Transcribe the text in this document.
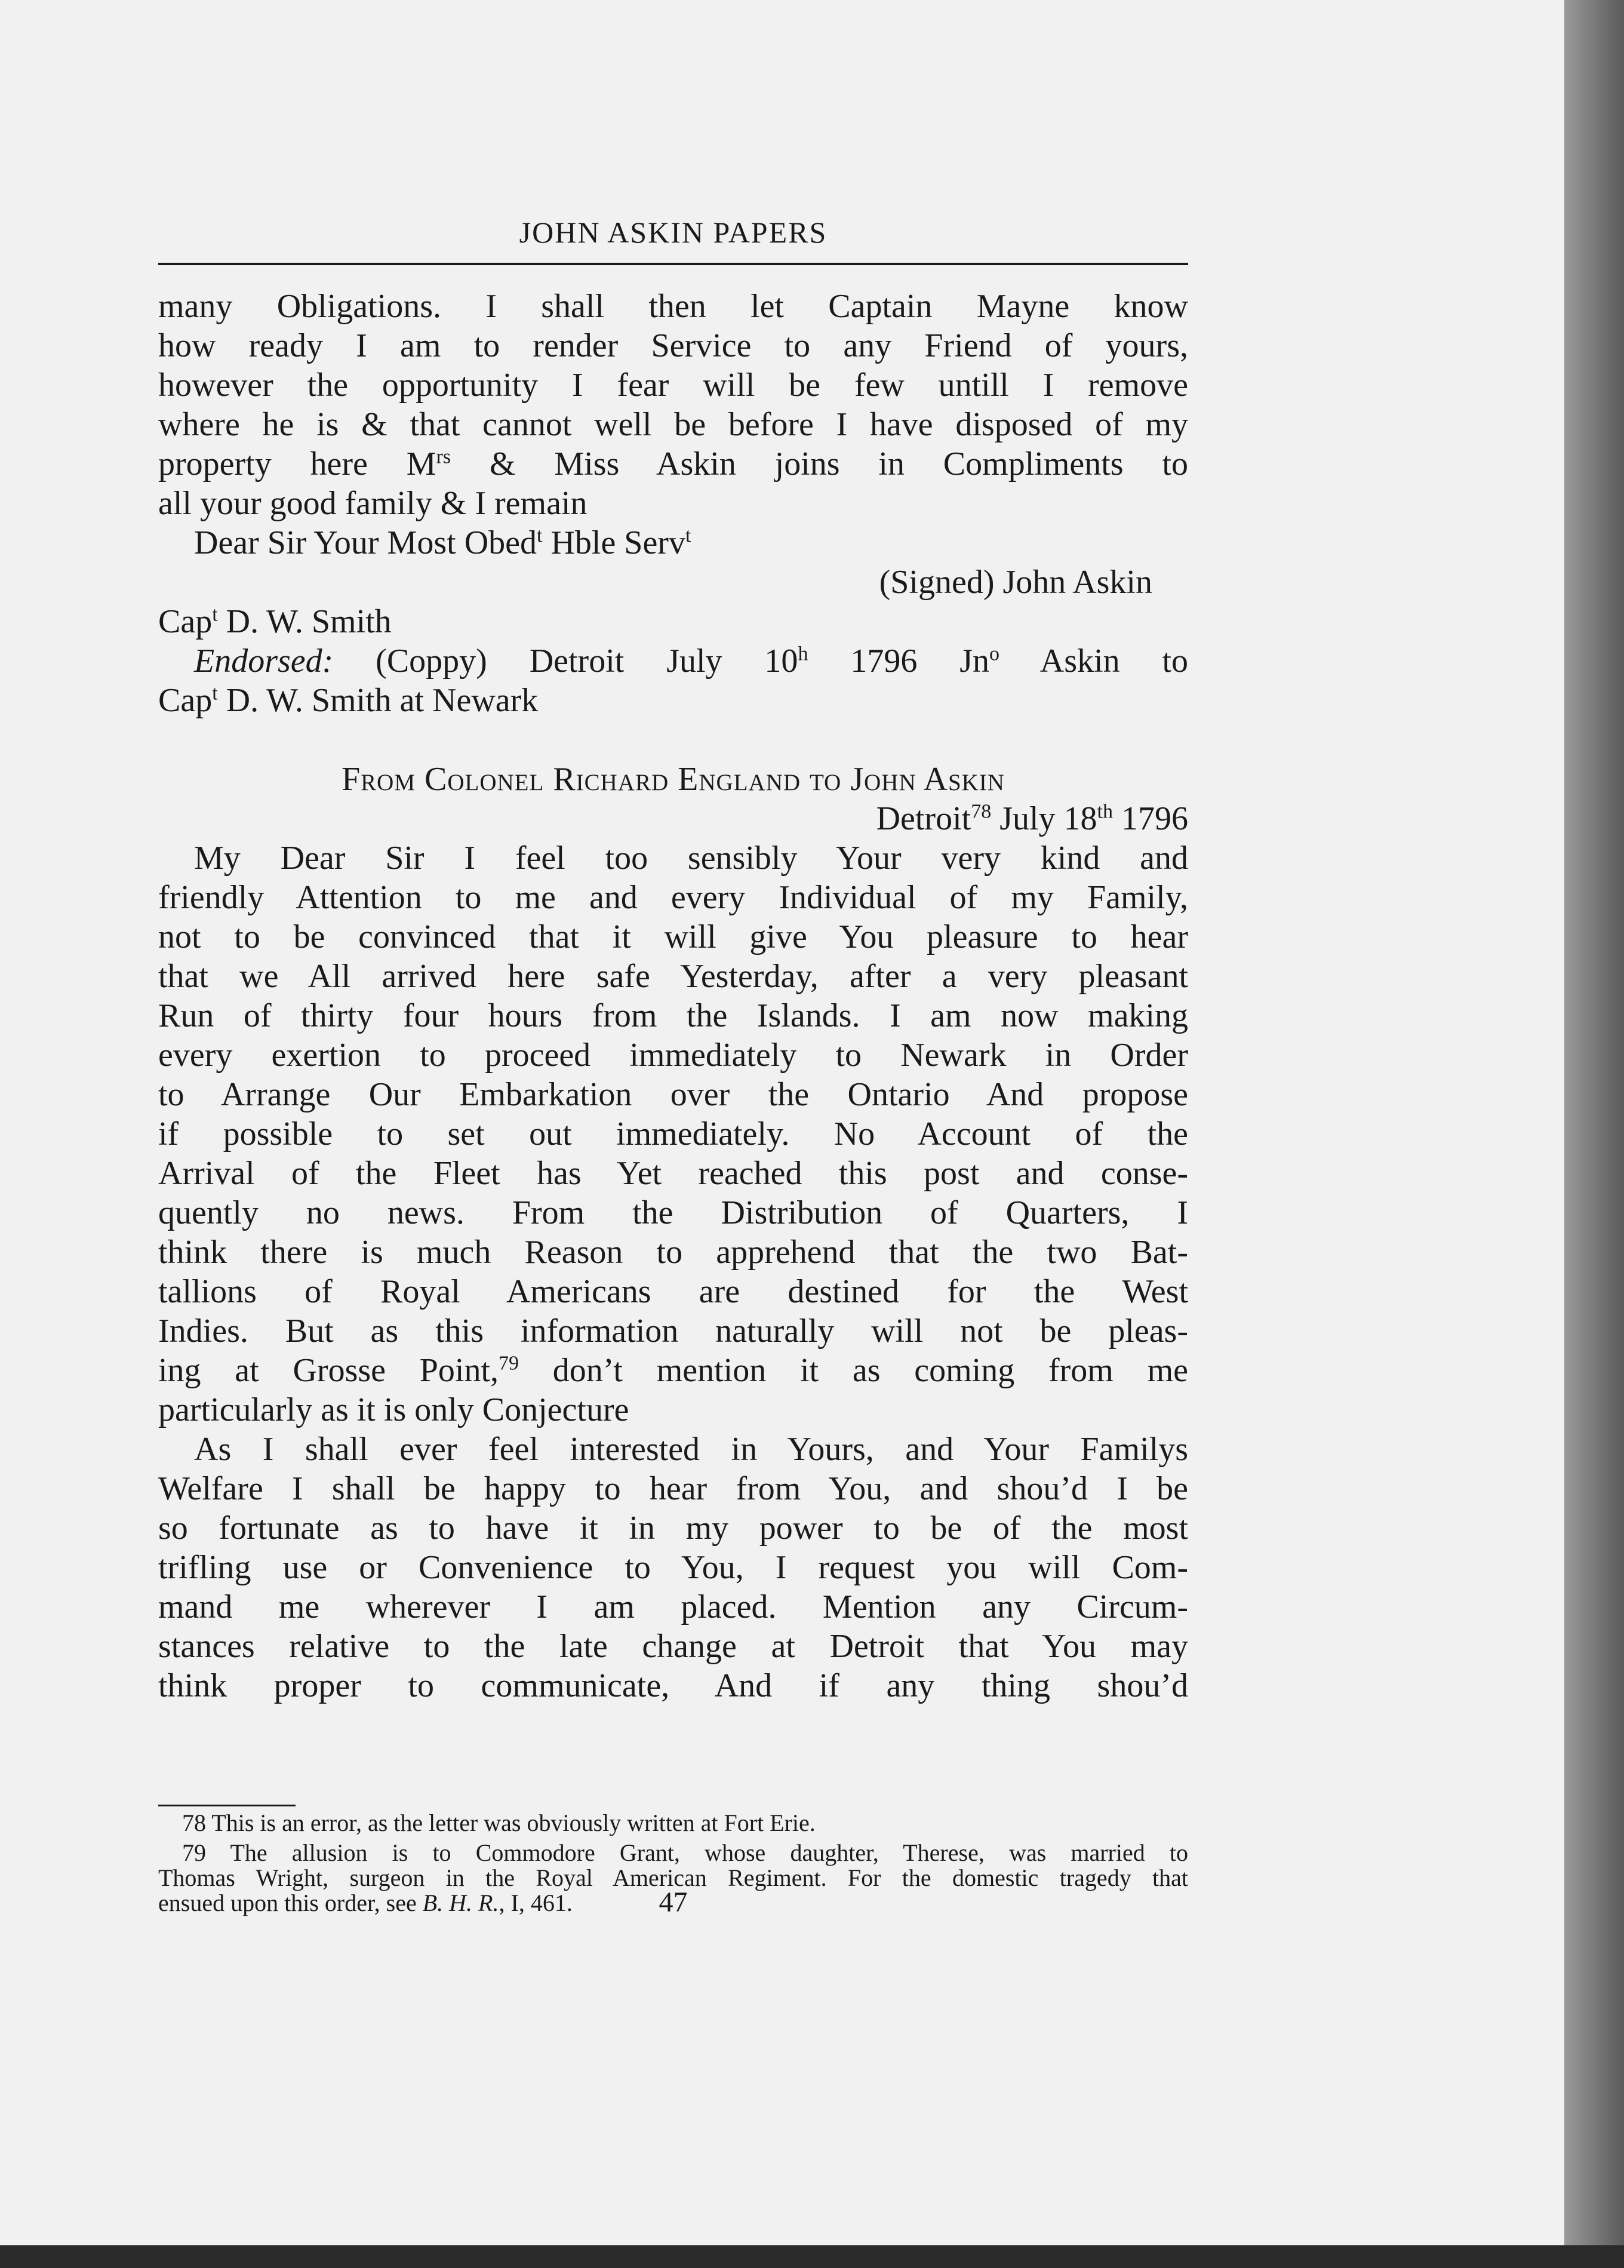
JOHN ASKIN PAPERS

many Obligations. I shall then let Captain Mayne know

how ready I am to render Service to any Friend of yours,

however the opportunity I fear will be few untill I remove

where he is & that cannot well be before I have disposed of my

property here $M^{rs}$ & Miss Askin joins in Compliments to

all your good family & I remain

Dear Sir Your Most Obed$^t$ Hble Serv$^t$

(Signed) John Askin

Cap$^t$ D. W. Smith

Endorsed: (Coppy) Detroit July 10$^h$ 1796 Jn$^o$ Askin to

Cap$^t$ D. W. Smith at Newark

From Colonel Richard England to John Askin

Detroit$^{78}$ July 18th 1796

My Dear Sir I feel too sensibly Your very kind and

friendly Attention to me and every Individual of my Family,

not to be convinced that it will give You pleasure to hear

that we All arrived here safe Yesterday, after a very pleasant

Run of thirty four hours from the Islands. I am now making

every exertion to proceed immediately to Newark in Order

to Arrange Our Embarkation over the Ontario And propose

if possible to set out immediately. No Account of the

Arrival of the Fleet has Yet reached this post and conse-

quently no news. From the Distribution of Quarters, I

think there is much Reason to apprehend that the two Bat-

tallions of Royal Americans are destined for the West

Indies. But as this information naturally will not be pleas-

ing at Grosse Point,$^{79}$ don’t mention it as coming from me

particularly as it is only Conjecture

As I shall ever feel interested in Yours, and Your Familys

Welfare I shall be happy to hear from You, and shou’d I be

so fortunate as to have it in my power to be of the most

trifling use or Convenience to You, I request you will Com-

mand me wherever I am placed. Mention any Circum-

stances relative to the late change at Detroit that You may

think proper to communicate, And if any thing shou’d

78 This is an error, as the letter was obviously written at Fort Erie.

79 The allusion is to Commodore Grant, whose daughter, Therese, was married to

Thomas Wright, surgeon in the Royal American Regiment. For the domestic tragedy that

ensued upon this order, see B. H. R., I, 461.	47
